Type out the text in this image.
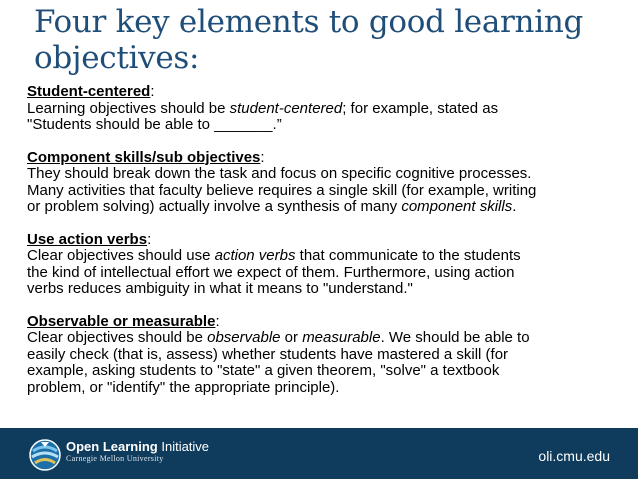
Four key elements to good learning objectives:
Student-centered:
Learning objectives should be student-centered; for example, stated as
"Students should be able to _______.”
Component skills/sub objectives:
They should break down the task and focus on specific cognitive processes.
Many activities that faculty believe requires a single skill (for example, writing
or problem solving) actually involve a synthesis of many component skills.
Use action verbs:
Clear objectives should use action verbs that communicate to the students
the kind of intellectual effort we expect of them. Furthermore, using action
verbs reduces ambiguity in what it means to "understand."
Observable or measurable:
Clear objectives should be observable or measurable. We should be able to
easily check (that is, assess) whether students have mastered a skill (for
example, asking students to "state" a given theorem, "solve" a textbook
problem, or "identify" the appropriate principle).
Open Learning Initiative
Carnegie Mellon University	oli.cmu.edu
